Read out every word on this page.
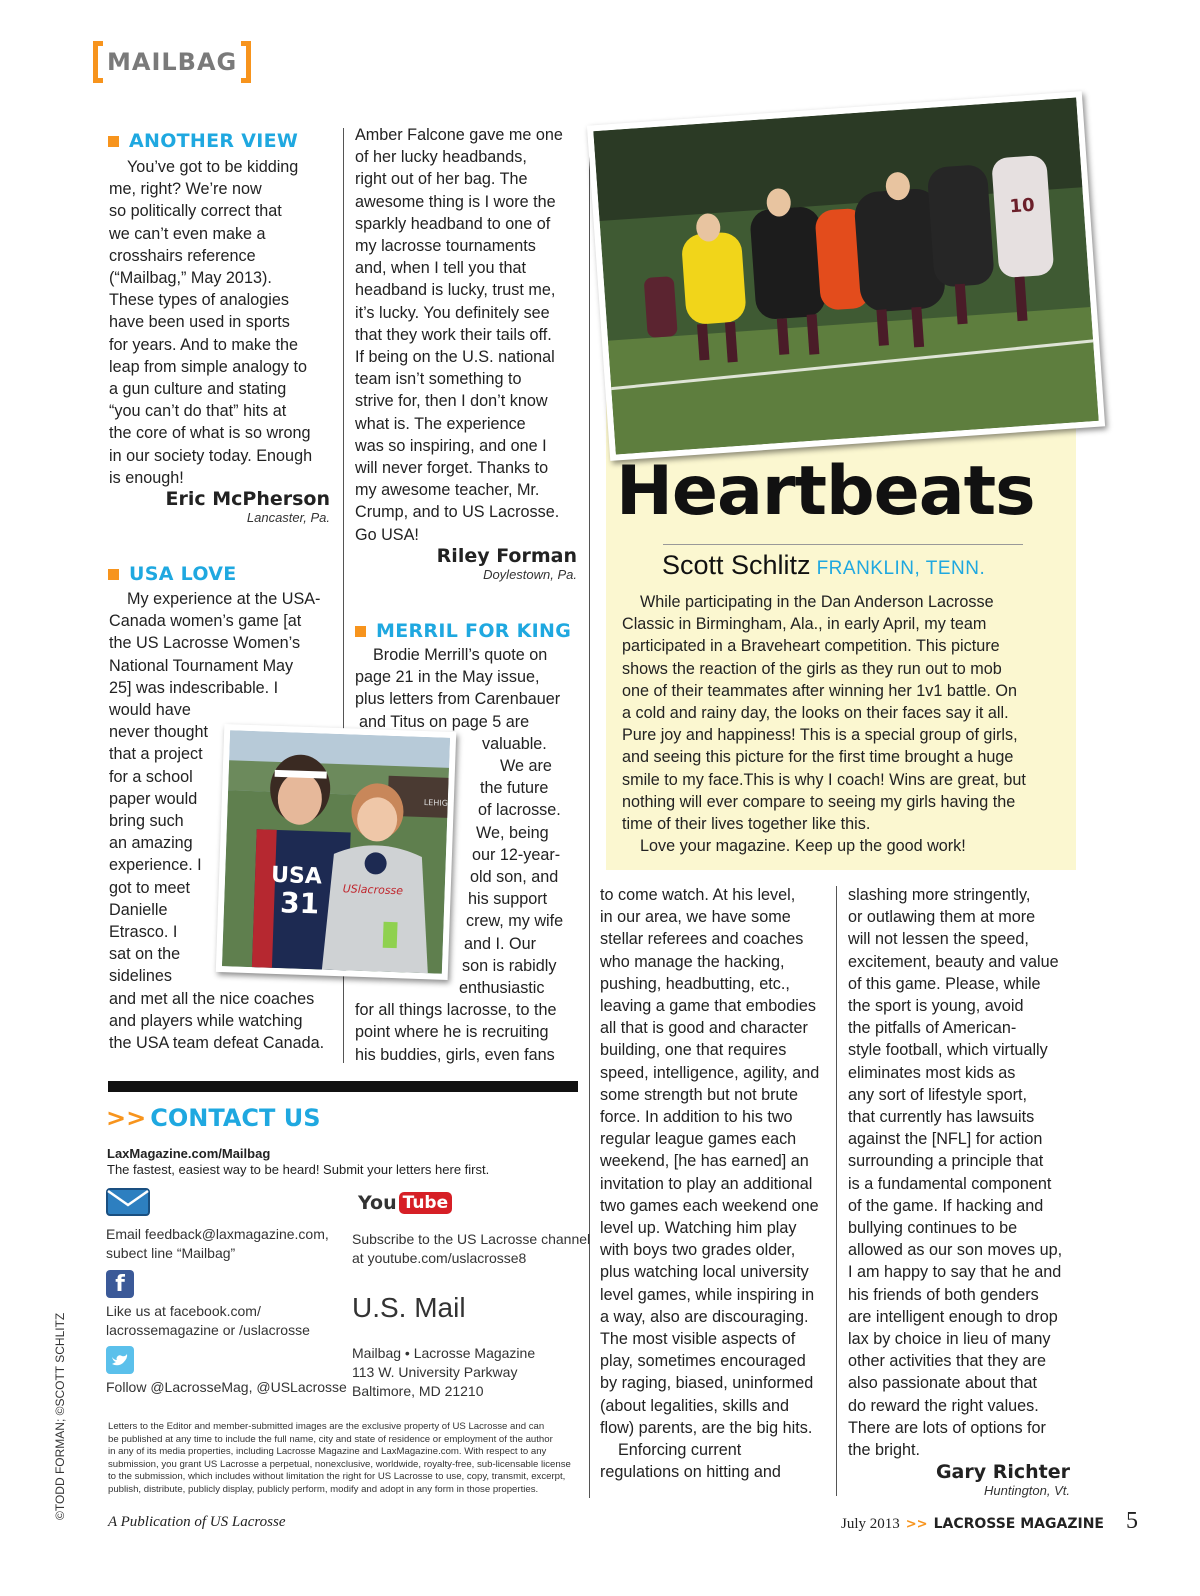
MAILBAG
ANOTHER VIEW
You’ve got to be kidding
me, right? We’re now
so politically correct that
we can’t even make a
crosshairs reference
(“Mailbag,” May 2013).
These types of analogies
have been used in sports
for years. And to make the
leap from simple analogy to
a gun culture and stating
“you can’t do that” hits at
the core of what is so wrong
in our society today. Enough
is enough!
Eric McPherson
Lancaster, Pa.
USA LOVE
My experience at the USA-
Canada women’s game [at
the US Lacrosse Women’s
National Tournament May
25] was indescribable. I
would have
never thought
that a project
for a school
paper would
bring such
an amazing
experience. I
got to meet
Danielle
Etrasco. I
sat on the
sidelines
and met all the nice coaches
and players while watching
the USA team defeat Canada.
Amber Falcone gave me one
of her lucky headbands,
right out of her bag. The
awesome thing is I wore the
sparkly headband to one of
my lacrosse tournaments
and, when I tell you that
headband is lucky, trust me,
it’s lucky. You definitely see
that they work their tails off.
If being on the U.S. national
team isn’t something to
strive for, then I don’t know
what is. The experience
was so inspiring, and one I
will never forget. Thanks to
my awesome teacher, Mr.
Crump, and to US Lacrosse.
Go USA!
Riley Forman
Doylestown, Pa.
MERRIL FOR KING
Brodie Merrill’s quote on
page 21 in the May issue,
plus letters from Carenbauer
and Titus on page 5 are
valuable.
We are
the future
of lacrosse.
We, being
our 12-year-
old son, and
his support
crew, my wife
and I. Our
son is rabidly
enthusiastic
for all things lacrosse, to the
point where he is recruiting
his buddies, girls, even fans
LEHIG
USA
31 USlacrosse
10
Heartbeats
Scott Schlitz FRANKLIN, TENN.
While participating in the Dan Anderson Lacrosse
Classic in Birmingham, Ala., in early April, my team
participated in a Braveheart competition. This picture
shows the reaction of the girls as they run out to mob
one of their teammates after winning her 1v1 battle. On
a cold and rainy day, the looks on their faces say it all.
Pure joy and happiness! This is a special group of girls,
and seeing this picture for the first time brought a huge
smile to my face.This is why I coach! Wins are great, but
nothing will ever compare to seeing my girls having the
time of their lives together like this.
Love your magazine. Keep up the good work!
to come watch. At his level,
in our area, we have some
stellar referees and coaches
who manage the hacking,
pushing, headbutting, etc.,
leaving a game that embodies
all that is good and character
building, one that requires
speed, intelligence, agility, and
some strength but not brute
force. In addition to his two
regular league games each
weekend, [he has earned] an
invitation to play an additional
two games each weekend one
level up. Watching him play
with boys two grades older,
plus watching local university
level games, while inspiring in
a way, also are discouraging.
The most visible aspects of
play, sometimes encouraged
by raging, biased, uninformed
(about legalities, skills and
flow) parents, are the big hits.
Enforcing current
regulations on hitting and
slashing more stringently,
or outlawing them at more
will not lessen the speed,
excitement, beauty and value
of this game. Please, while
the sport is young, avoid
the pitfalls of American-
style football, which virtually
eliminates most kids as
any sort of lifestyle sport,
that currently has lawsuits
against the [NFL] for action
surrounding a principle that
is a fundamental component
of the game. If hacking and
bullying continues to be
allowed as our son moves up,
I am happy to say that he and
his friends of both genders
are intelligent enough to drop
lax by choice in lieu of many
other activities that they are
also passionate about that
do reward the right values.
There are lots of options for
the bright.
Gary Richter
Huntington, Vt.
>> CONTACT US
LaxMagazine.com/Mailbag
The fastest, easiest way to be heard! Submit your letters here first.
Email feedback@laxmagazine.com,
subect line “Mailbag”
f
Like us at facebook.com/
lacrossemagazine or /uslacrosse
Follow @LacrosseMag, @USLacrosse
You Tube
Subscribe to the US Lacrosse channel
at youtube.com/uslacrosse8
U.S. Mail
Mailbag • Lacrosse Magazine
113 W. University Parkway
Baltimore, MD 21210
Letters to the Editor and member-submitted images are the exclusive property of US Lacrosse and can
be published at any time to include the full name, city and state of residence or employment of the author
in any of its media properties, including Lacrosse Magazine and LaxMagazine.com. With respect to any
submission, you grant US Lacrosse a perpetual, nonexclusive, worldwide, royalty-free, sub-licensable license
to the submission, which includes without limitation the right for US Lacrosse to use, copy, transmit, excerpt,
publish, distribute, publicly display, publicly perform, modify and adopt in any form in those properties.
©TODD FORMAN; ©SCOTT SCHLITZ
A Publication of US Lacrosse	July 2013 >> LACROSSE MAGAZINE 5
